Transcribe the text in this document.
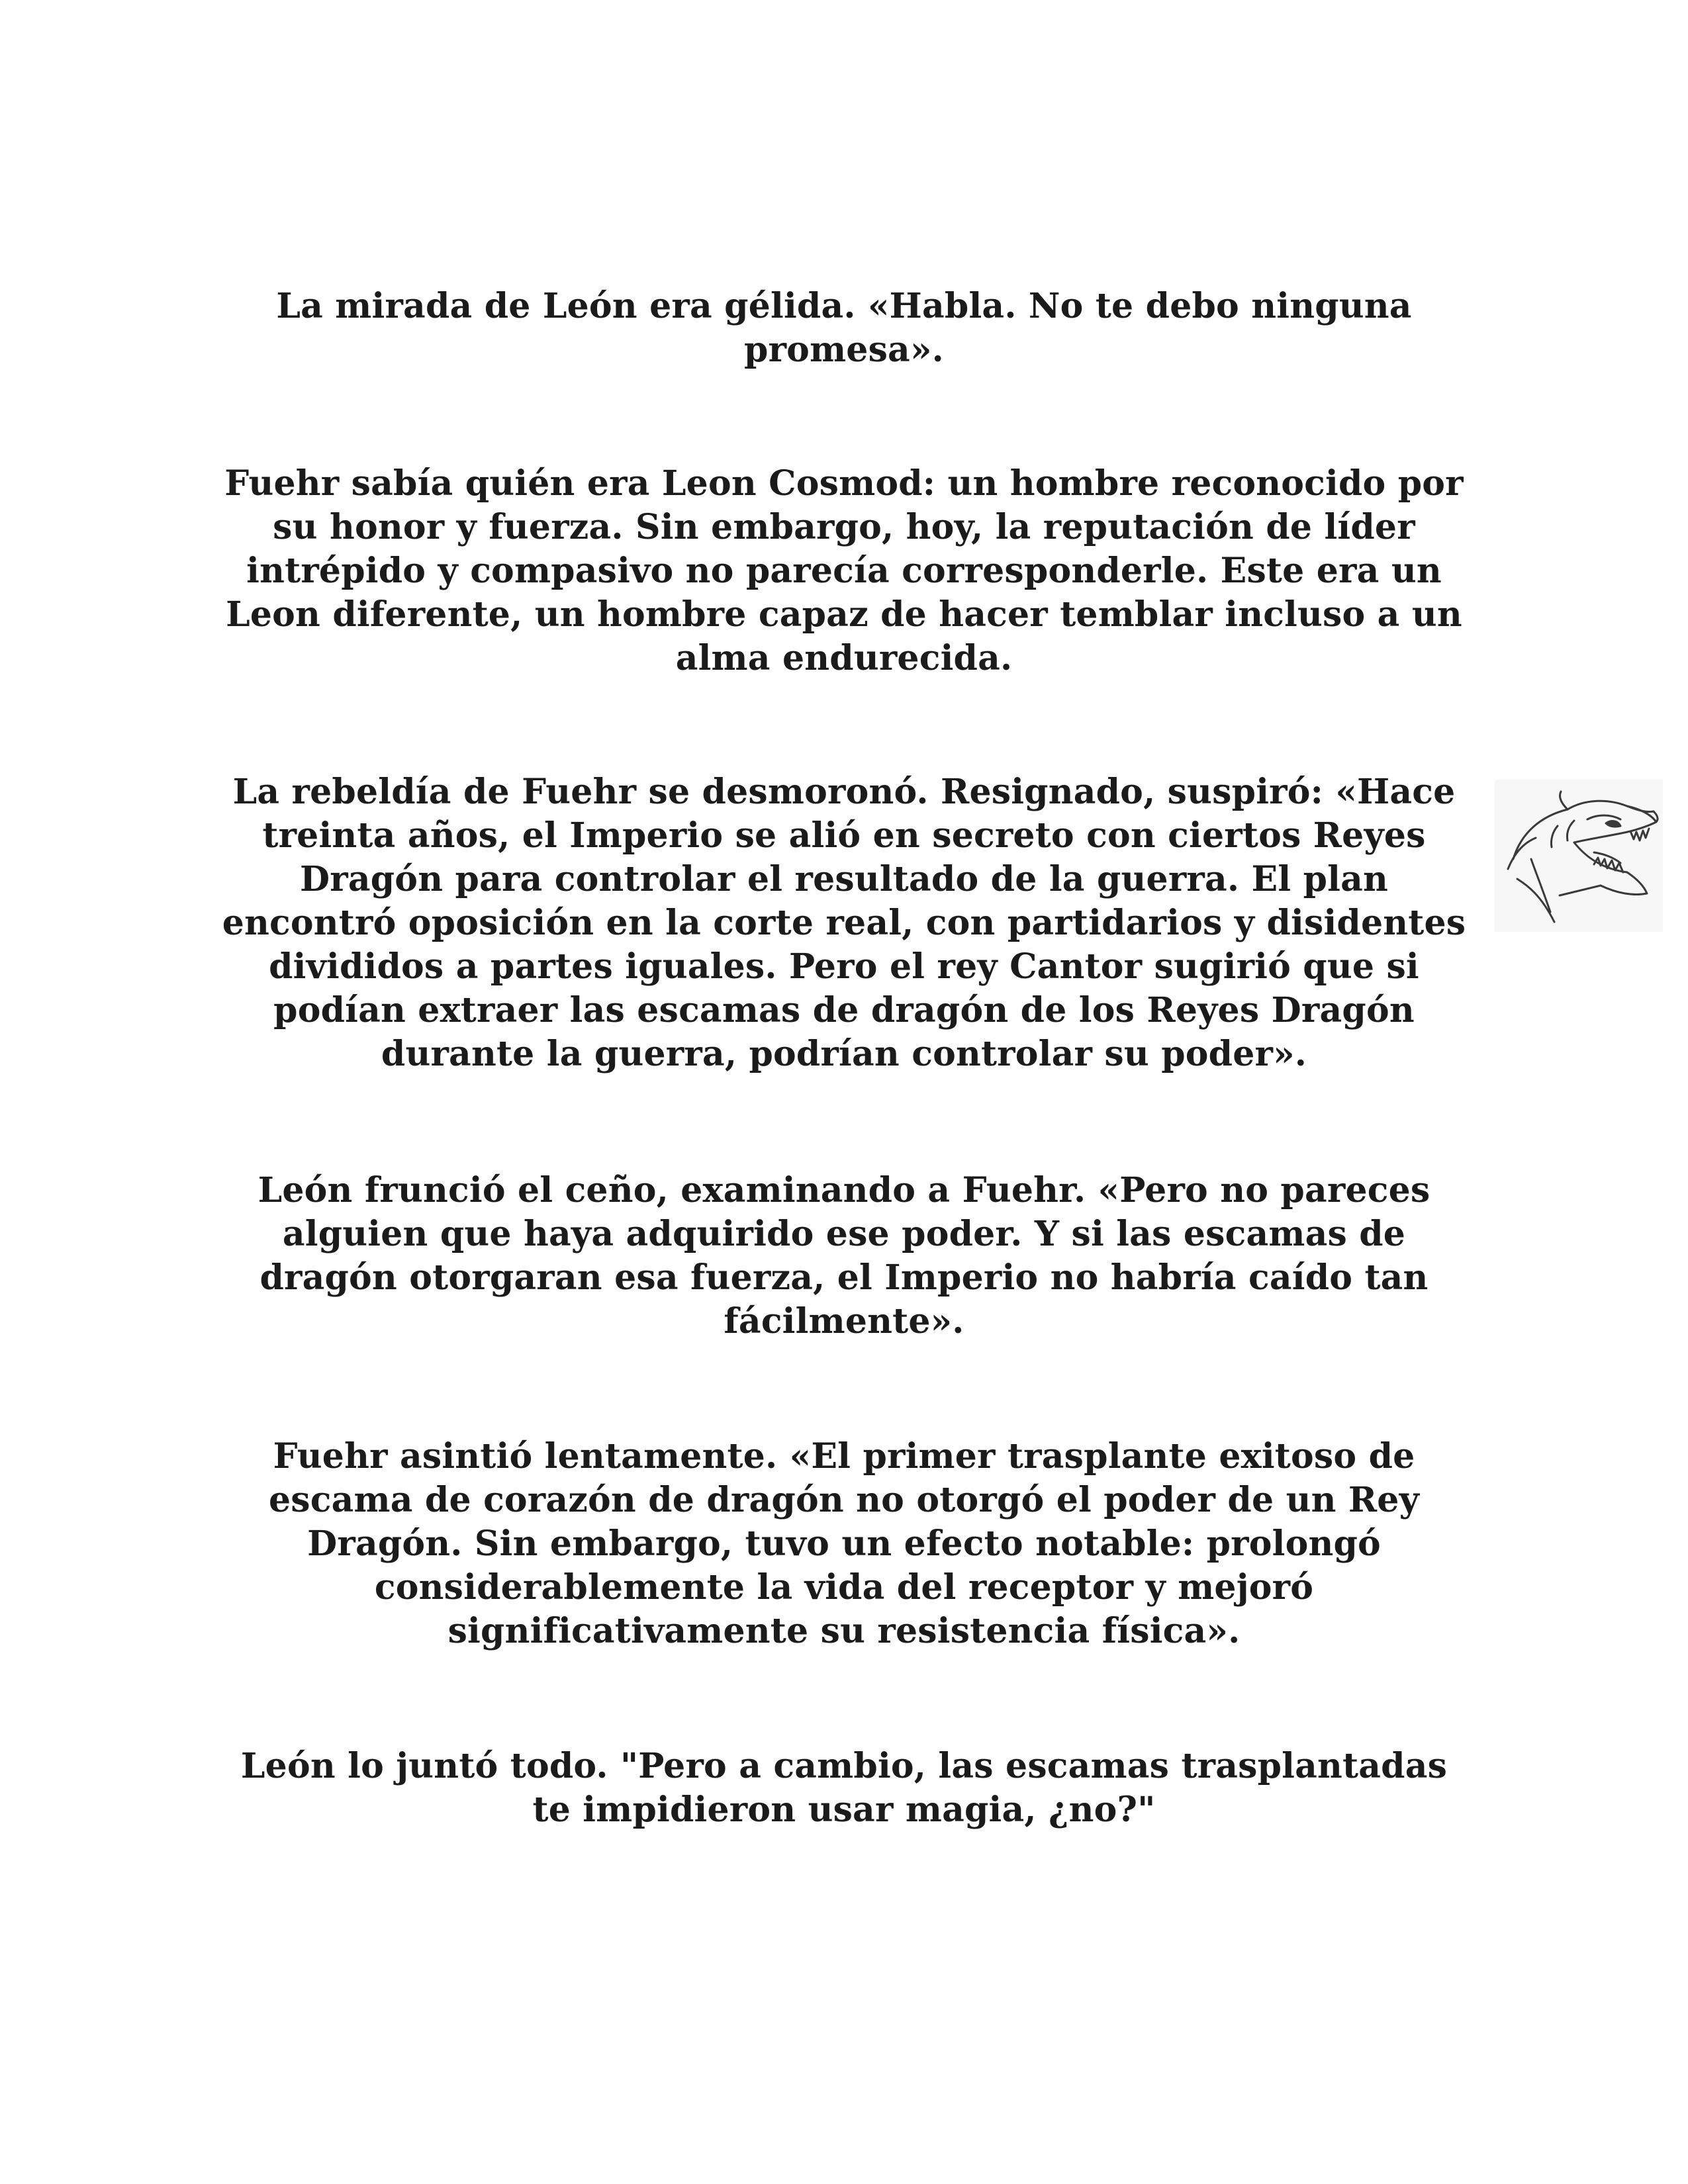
La mirada de León era gélida. «Habla. No te debo ninguna promesa».

Fuehr sabía quién era Leon Cosmod: un hombre reconocido por su honor y fuerza. Sin embargo, hoy, la reputación de líder intrépido y compasivo no parecía corresponderle. Este era un Leon diferente, un hombre capaz de hacer temblar incluso a un alma endurecida.

La rebeldía de Fuehr se desmoronó. Resignado, suspiró: «Hace treinta años, el Imperio se alió en secreto con ciertos Reyes Dragón para controlar el resultado de la guerra. El plan encontró oposición en la corte real, con partidarios y disidentes divididos a partes iguales. Pero el rey Cantor sugirió que si podían extraer las escamas de dragón de los Reyes Dragón durante la guerra, podrían controlar su poder».

León frunció el ceño, examinando a Fuehr. «Pero no pareces alguien que haya adquirido ese poder. Y si las escamas de dragón otorgaran esa fuerza, el Imperio no habría caído tan fácilmente».

Fuehr asintió lentamente. «El primer trasplante exitoso de escama de corazón de dragón no otorgó el poder de un Rey Dragón. Sin embargo, tuvo un efecto notable: prolongó considerablemente la vida del receptor y mejoró significativamente su resistencia física».

León lo juntó todo. "Pero a cambio, las escamas trasplantadas te impidieron usar magia, ¿no?"
